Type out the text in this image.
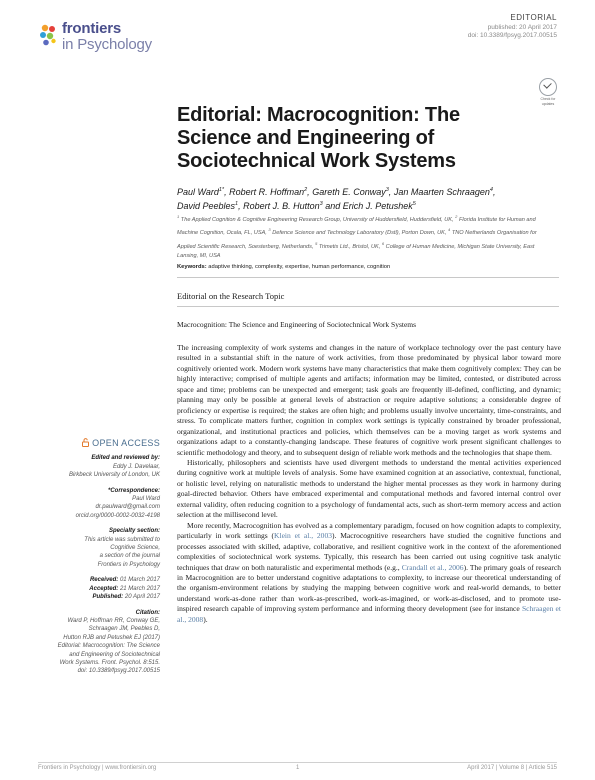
frontiers
in Psychology
EDITORIAL
published: 20 April 2017
doi: 10.3389/fpsyg.2017.00515
Check for
updates
Editorial: Macrocognition: The Science and Engineering of Sociotechnical Work Systems
Paul Ward$^{1*}$, Robert R. Hoffman$^2$, Gareth E. Conway$^3$, Jan Maarten Schraagen$^4$,
David Peebles$^1$, Robert J. B. Hutton$^3$ and Erich J. Petushek$^5$
$^1$ The Applied Cognition & Cognitive Engineering Research Group, University of Huddersfield, Huddersfield, UK, $^2$ Florida Institute for Human and Machine Cognition, Ocala, FL, USA, $^3$ Defence Science and Technology Laboratory (Dstl), Porton Down, UK, $^4$ TNO Netherlands Organisation for Applied Scientific Research, Soesterberg, Netherlands, $^5$ Trimetis Ltd., Bristol, UK, $^6$ College of Human Medicine, Michigan State University, East Lansing, MI, USA
Keywords: adaptive thinking, complexity, expertise, human performance, cognition
Editorial on the Research Topic
Macrocognition: The Science and Engineering of Sociotechnical Work Systems

The increasing complexity of work systems and changes in the nature of workplace technology over the past century have resulted in a substantial shift in the nature of work activities, from those predominated by physical labor toward more cognitively oriented work. Modern work systems have many characteristics that make them cognitively complex: They can be highly interactive; comprised of multiple agents and artifacts; information may be limited, contested, or distributed across space and time; problems can be unexpected and emergent; task goals are frequently ill-defined, conflicting, and dynamic; planning may only be possible at general levels of abstraction or require adaptive solutions; a considerable degree of proficiency or expertise is required; the stakes are often high; and problems usually involve uncertainty, time-constraints, and stress. To complicate matters further, cognition in complex work settings is typically constrained by broader professional, organizational, and institutional practices and policies, which themselves can be a moving target as work systems and organizations adapt to a constantly-changing landscape. These features of cognitive work present significant challenges to scientific methodology and theory, and to subsequent design of reliable work methods and the technologies that shape them.

Historically, philosophers and scientists have used divergent methods to understand the mental activities experienced during cognitive work at multiple levels of analysis. Some have examined cognition at an associative, contextual, functional, or holistic level, relying on naturalistic methods to understand the higher mental processes as they work in harmony during goal-directed behavior. Others have embraced experimental and computational methods and favored internal control over external validity, often reducing cognition to a psychology of fundamental acts, such as short-term memory access and action selection at the millisecond level.

More recently, Macrocognition has evolved as a complementary paradigm, focused on how cognition adapts to complexity, particularly in work settings (Klein et al., 2003). Macrocognitive researchers have studied the cognitive functions and processes associated with skilled, adaptive, collaborative, and resilient cognitive work in the context of the aforementioned complexities of sociotechnical work systems. Typically, this research has been carried out using cognitive task analytic techniques that draw on both naturalistic and experimental methods (e.g., Crandall et al., 2006). The primary goals of research in Macrocognition are to better understand cognitive adaptations to complexity, to increase our theoretical understanding of the organism-environment relations by studying the mapping between cognitive work and real-world demands, to better understand work-as-done rather than work-as-prescribed, work-as-imagined, or work-as-disclosed, and to promote use-inspired research capable of improving system performance and informing theory development (see for instance Schraagen et al., 2008).

OPEN ACCESS
Edited and reviewed by:
Eddy J. Davelaar,
Birkbeck University of London, UK
*Correspondence:
Paul Ward
dr.paulward@gmail.com
orcid.org/0000-0002-0032-4198
Specialty section:
This article was submitted to
Cognitive Science,
a section of the journal
Frontiers in Psychology
Received: 01 March 2017
Accepted: 21 March 2017
Published: 20 April 2017
Citation:
Ward P, Hoffman RR, Conway GE,
Schraagen JM, Peebles D,
Hutton RJB and Petushek EJ (2017)
Editorial: Macrocognition: The Science
and Engineering of Sociotechnical
Work Systems. Front. Psychol. 8:515.
doi: 10.3389/fpsyg.2017.00515
Frontiers in Psychology | www.frontiersin.org	1	April 2017 | Volume 8 | Article 515
